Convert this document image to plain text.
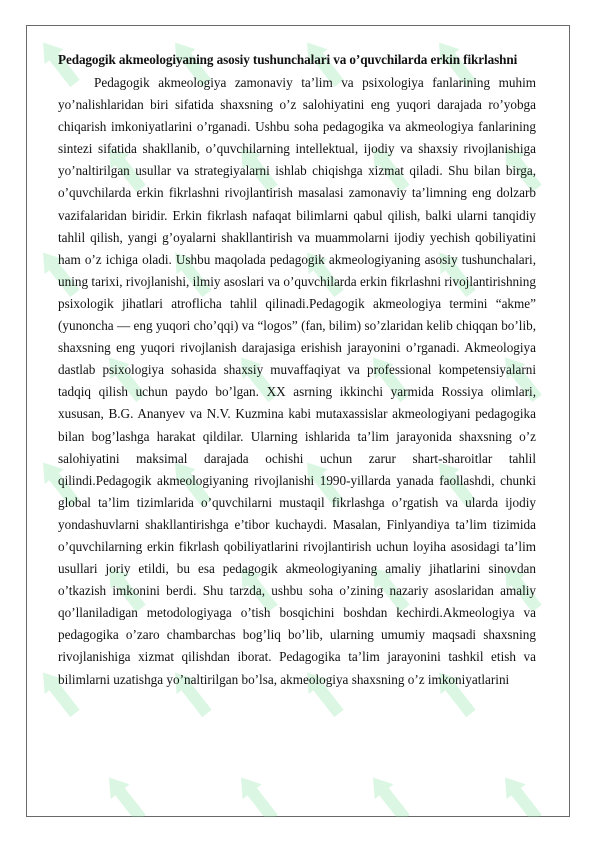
Pedagogik akmeologiyaning asosiy tushunchalari va o’quvchilarda erkin fikrlashni

Pedagogik akmeologiya zamonaviy ta’lim va psixologiya fanlarining muhim yo’nalishlaridan biri sifatida shaxsning o’z salohiyatini eng yuqori darajada ro’yobga chiqarish imkoniyatlarini o’rganadi. Ushbu soha pedagogika va akmeologiya fanlarining sintezi sifatida shakllanib, o’quvchilarning intellektual, ijodiy va shaxsiy rivojlanishiga yo’naltirilgan usullar va strategiyalarni ishlab chiqishga xizmat qiladi. Shu bilan birga, o’quvchilarda erkin fikrlashni rivojlantirish masalasi zamonaviy ta’limning eng dolzarb vazifalaridan biridir. Erkin fikrlash nafaqat bilimlarni qabul qilish, balki ularni tanqidiy tahlil qilish, yangi g’oyalarni shakllantirish va muammolarni ijodiy yechish qobiliyatini ham o’z ichiga oladi. Ushbu maqolada pedagogik akmeologiyaning asosiy tushunchalari, uning tarixi, rivojlanishi, ilmiy asoslari va o’quvchilarda erkin fikrlashni rivojlantirishning psixologik jihatlari atroflicha tahlil qilinadi.Pedagogik akmeologiya termini “akme” (yunoncha — eng yuqori cho’qqi) va “logos” (fan, bilim) so’zlaridan kelib chiqqan bo’lib, shaxsning eng yuqori rivojlanish darajasiga erishish jarayonini o’rganadi. Akmeologiya dastlab psixologiya sohasida shaxsiy muvaffaqiyat va professional kompetensiyalarni tadqiq qilish uchun paydo bo’lgan. XX asrning ikkinchi yarmida Rossiya olimlari, xususan, B.G. Ananyev va N.V. Kuzmina kabi mutaxassislar akmeologiyani pedagogika bilan bog’lashga harakat qildilar. Ularning ishlarida ta’lim jarayonida shaxsning o’z salohiyatini maksimal darajada ochishi uchun zarur shart-sharoitlar tahlil qilindi.Pedagogik akmeologiyaning rivojlanishi 1990-yillarda yanada faollashdi, chunki global ta’lim tizimlarida o’quvchilarni mustaqil fikrlashga o’rgatish va ularda ijodiy yondashuvlarni shakllantirishga e’tibor kuchaydi. Masalan, Finlyandiya ta’lim tizimida o’quvchilarning erkin fikrlash qobiliyatlarini rivojlantirish uchun loyiha asosidagi ta’lim usullari joriy etildi, bu esa pedagogik akmeologiyaning amaliy jihatlarini sinovdan o’tkazish imkonini berdi. Shu tarzda, ushbu soha o’zining nazariy asoslaridan amaliy qo’llaniladigan metodologiyaga o’tish bosqichini boshdan kechirdi.Akmeologiya va pedagogika o’zaro chambarchas bog’liq bo’lib, ularning umumiy maqsadi shaxsning rivojlanishiga xizmat qilishdan iborat. Pedagogika ta’lim jarayonini tashkil etish va bilimlarni uzatishga yo’naltirilgan bo’lsa, akmeologiya shaxsning o’z imkoniyatlarini
